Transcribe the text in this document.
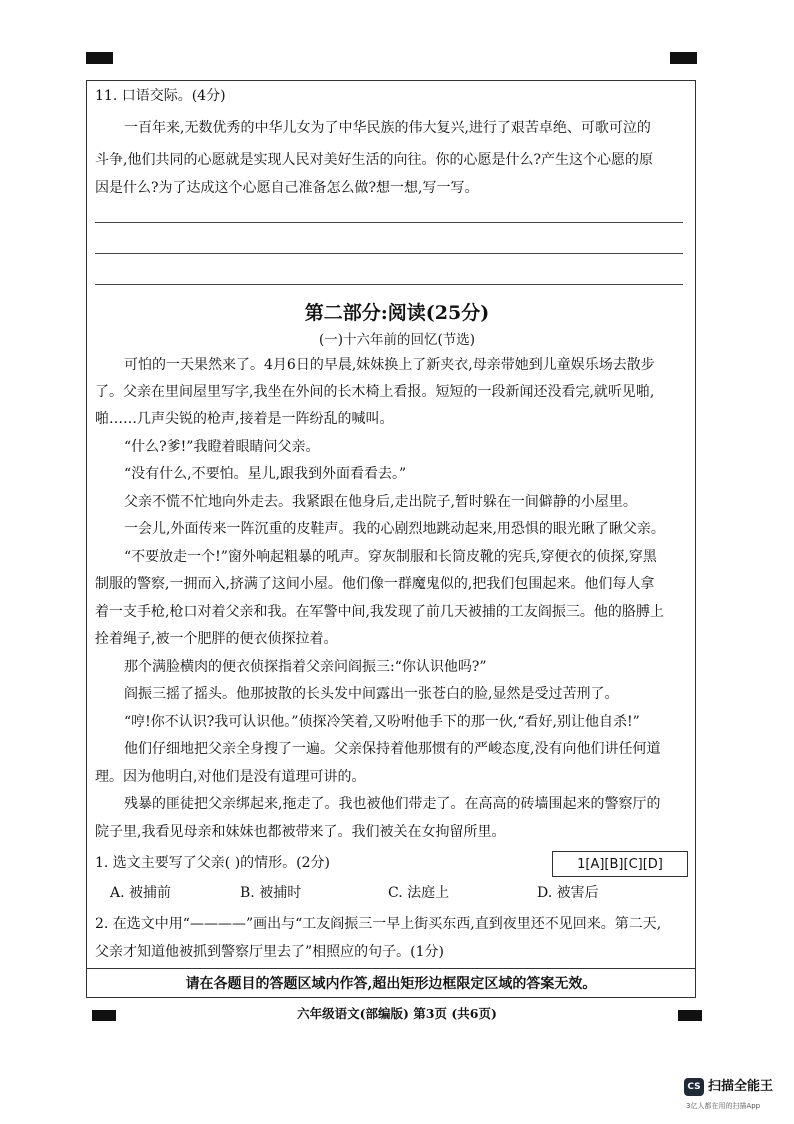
11. 口语交际。(4分)
一百年来,无数优秀的中华儿女为了中华民族的伟大复兴,进行了艰苦卓绝、可歌可泣的
斗争,他们共同的心愿就是实现人民对美好生活的向往。你的心愿是什么?产生这个心愿的原
因是什么?为了达成这个心愿自己准备怎么做?想一想,写一写。
第二部分:阅读(25分)
(一)十六年前的回忆(节选)
可怕的一天果然来了。4月6日的早晨,妹妹换上了新夹衣,母亲带她到儿童娱乐场去散步
了。父亲在里间屋里写字,我坐在外间的长木椅上看报。短短的一段新闻还没看完,就听见啪,
啪……几声尖锐的枪声,接着是一阵纷乱的喊叫。
“什么?爹!”我瞪着眼睛问父亲。
“没有什么,不要怕。星儿,跟我到外面看看去。”
父亲不慌不忙地向外走去。我紧跟在他身后,走出院子,暂时躲在一间僻静的小屋里。
一会儿,外面传来一阵沉重的皮鞋声。我的心剧烈地跳动起来,用恐惧的眼光瞅了瞅父亲。
“不要放走一个!”窗外响起粗暴的吼声。穿灰制服和长筒皮靴的宪兵,穿便衣的侦探,穿黑
制服的警察,一拥而入,挤满了这间小屋。他们像一群魔鬼似的,把我们包围起来。他们每人拿
着一支手枪,枪口对着父亲和我。在军警中间,我发现了前几天被捕的工友阎振三。他的胳膊上
拴着绳子,被一个肥胖的便衣侦探拉着。
那个满脸横肉的便衣侦探指着父亲问阎振三:“你认识他吗?”
阎振三摇了摇头。他那披散的长头发中间露出一张苍白的脸,显然是受过苦刑了。
“哼!你不认识?我可认识他。”侦探冷笑着,又吩咐他手下的那一伙,“看好,别让他自杀!”
他们仔细地把父亲全身搜了一遍。父亲保持着他那惯有的严峻态度,没有向他们讲任何道
理。因为他明白,对他们是没有道理可讲的。
残暴的匪徒把父亲绑起来,拖走了。我也被他们带走了。在高高的砖墙围起来的警察厅的
院子里,我看见母亲和妹妹也都被带来了。我们被关在女拘留所里。
1. 选文主要写了父亲( )的情形。(2分)	1[A][B][C][D]
A. 被捕前	B. 被捕时	C. 法庭上	D. 被害后
2. 在选文中用“————”画出与“工友阎振三一早上街买东西,直到夜里还不见回来。第二天,
父亲才知道他被抓到警察厅里去了”相照应的句子。(1分)
请在各题目的答题区域内作答,超出矩形边框限定区域的答案无效。
六年级语文(部编版) 第3页 (共6页)
CS 扫描全能王
3亿人都在用的扫描App
